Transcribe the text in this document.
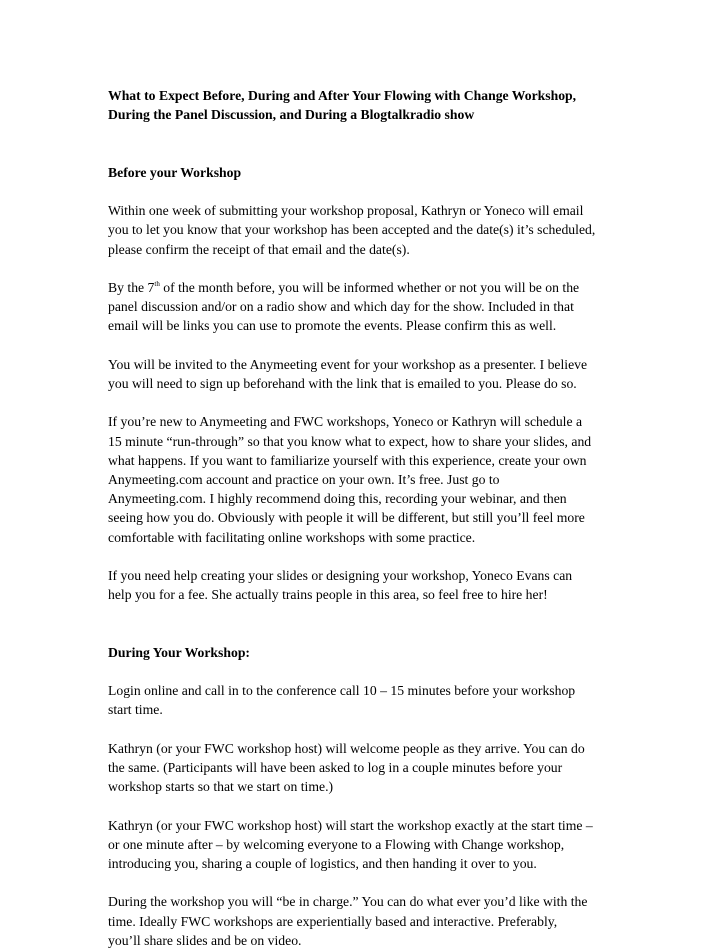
What to Expect Before, During and After Your Flowing with Change Workshop,
During the Panel Discussion, and During a Blogtalkradio show
Before your Workshop
Within one week of submitting your workshop proposal, Kathryn or Yoneco will email
you to let you know that your workshop has been accepted and the date(s) it’s scheduled,
please confirm the receipt of that email and the date(s).
By the 7th of the month before, you will be informed whether or not you will be on the
panel discussion and/or on a radio show and which day for the show. Included in that
email will be links you can use to promote the events. Please confirm this as well.
You will be invited to the Anymeeting event for your workshop as a presenter. I believe
you will need to sign up beforehand with the link that is emailed to you. Please do so.
If you’re new to Anymeeting and FWC workshops, Yoneco or Kathryn will schedule a
15 minute “run-through” so that you know what to expect, how to share your slides, and
what happens. If you want to familiarize yourself with this experience, create your own
Anymeeting.com account and practice on your own. It’s free. Just go to
Anymeeting.com. I highly recommend doing this, recording your webinar, and then
seeing how you do. Obviously with people it will be different, but still you’ll feel more
comfortable with facilitating online workshops with some practice.
If you need help creating your slides or designing your workshop, Yoneco Evans can
help you for a fee. She actually trains people in this area, so feel free to hire her!
During Your Workshop:
Login online and call in to the conference call 10 – 15 minutes before your workshop
start time.
Kathryn (or your FWC workshop host) will welcome people as they arrive. You can do
the same. (Participants will have been asked to log in a couple minutes before your
workshop starts so that we start on time.)
Kathryn (or your FWC workshop host) will start the workshop exactly at the start time –
or one minute after – by welcoming everyone to a Flowing with Change workshop,
introducing you, sharing a couple of logistics, and then handing it over to you.
During the workshop you will “be in charge.” You can do what ever you’d like with the
time. Ideally FWC workshops are experientially based and interactive. Preferably,
you’ll share slides and be on video.
